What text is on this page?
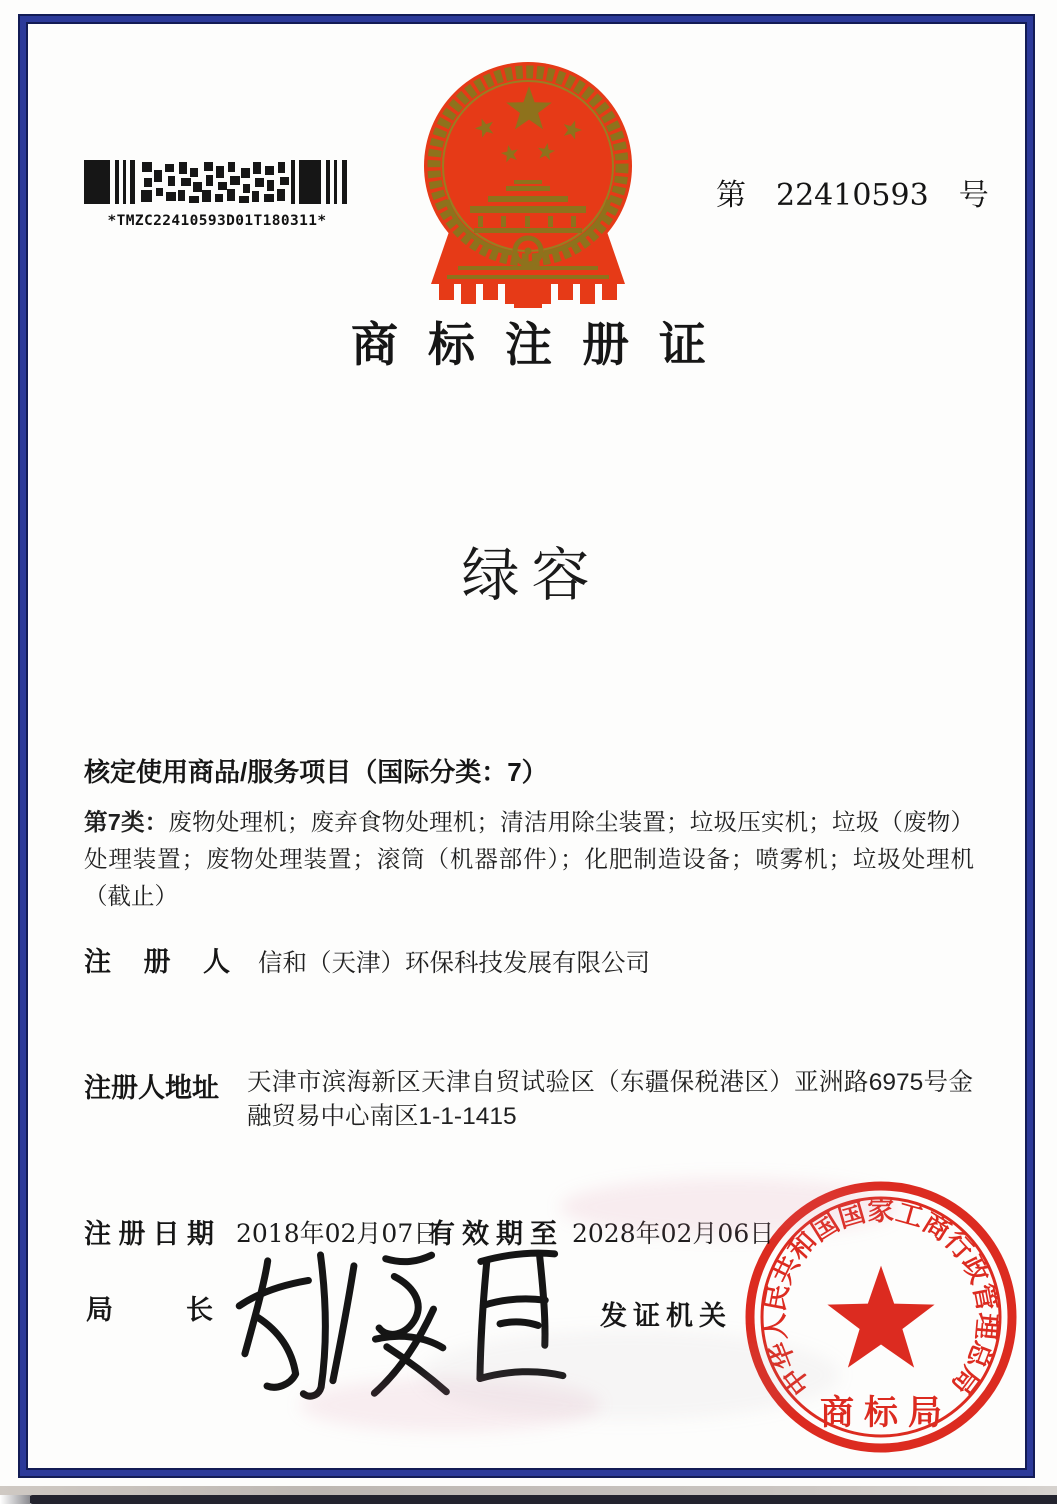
*TMZC22410593D01T180311*
第 22410593 号
商标注册证
绿容
核定使用商品/服务项目（国际分类：7）
第7类：废物处理机；废弃食物处理机；清洁用除尘装置；垃圾压实机；垃圾（废物）处理装置；废物处理装置；滚筒（机器部件）；化肥制造设备；喷雾机；垃圾处理机（截止）
注 册 人 信和（天津）环保科技发展有限公司
注册人地址 天津市滨海新区天津自贸试验区（东疆保税港区）亚洲路6975号金融贸易中心南区1-1-1415
注 册 日 期 2018年02月07日
有效期至 2028年02月06日
局	长	发证机关
中华人民共和国国家工商行政管理总局
商标局
